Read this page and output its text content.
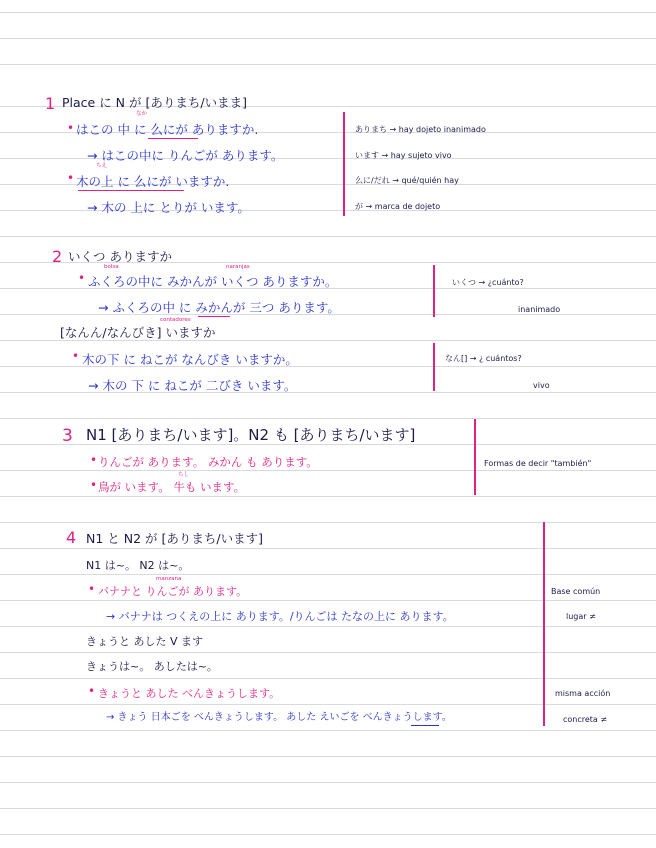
1 Place に N が [ありまち/いまま]
•
なか
はこの 中 に 么にが ありますか.
→ はこの中に りんごが あります。
•
ちえ
木の上 に 么にが いますか.
→ 木の 上に とりが います。
ありまち → hay dojeto inanimado
います → hay sujeto vivo
么に/だれ → qué/quién hay
が → marca de dojeto
2 いくつ ありますか
•
bolsa	naranjas
ふくろの中に みかんが いくつ ありますか。
→ ふくろの中 に みかんが 三つ あります。
contadores
[なんん/なんびき] いますか
• 木の下 に ねこが なんびき いますか。
→ 木の 下 に ねこが 二びき います。
いくつ → ¿cuánto?
inanimado
なん[] → ¿ cuántos?
vivo
3 N1 [ありまち/います]。N2 も [ありまち/います]
• りんごが あります。 みかん も あります。
ちし
• 鳥が います。 牛も います。
Formas de decir "también"
4 N1 と N2 が [ありまち/います]
N1 は~。 N2 は~。
•
manzana
バナナと りんごが あります。
→ バナナは つくえの上に あります。/りんごは たなの上に あります。
きょうと あした V ます
きょうは~。 あしたは~。
• きょうと あした べんきょうします。
→ きょう 日本ごを べんきょうします。 あした えいごを べんきょうします。
Base común
lugar ≠
misma acción
concreta ≠
